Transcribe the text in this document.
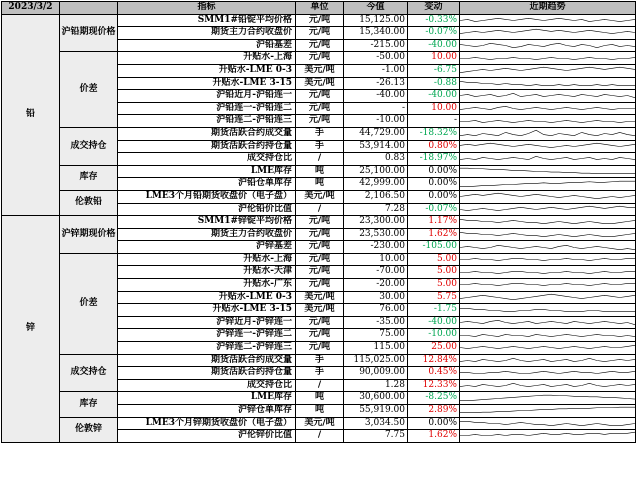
2023/3/2		指标	单位	今值	变动	近期趋势
铅	沪铅期现价格	SMM1#铅锭平均价格	元/吨	15,125.00	-0.33%	

		期货主力合约收盘价	元/吨	15,340.00	-0.07%	

		沪铅基差	元/吨	-215.00	-40.00	

	价差	升贴水-上海	元/吨	-50.00	10.00	

		升贴水-LME 0-3	美元/吨	-1.00	-6.75	

		升贴水-LME 3-15	美元/吨	-26.13	-0.88	

		沪铅近月-沪铅连一	元/吨	-40.00	-40.00	

		沪铅连一-沪铅连二	元/吨	-	10.00	

		沪铅连二-沪铅连三	元/吨	-10.00	-	

	成交持仓	期货活跃合约成交量	手	44,729.00	-18.32%	

		期货活跃合约持仓量	手	53,914.00	0.80%	

		成交持仓比	/	0.83	-18.97%	

	库存	LME库存	吨	25,100.00	0.00%	

		沪铅仓单库存	吨	42,999.00	0.00%	

	伦敦铅	LME3个月铅期货收盘价（电子盘）	美元/吨	2,106.50	0.00%	

		沪伦铅价比值	/	7.28	-0.07%	

锌	沪锌期现价格	SMM1#锌锭平均价格	元/吨	23,300.00	1.17%	

		期货主力合约收盘价	元/吨	23,530.00	1.62%	

		沪锌基差	元/吨	-230.00	-105.00	

	价差	升贴水-上海	元/吨	10.00	5.00	

		升贴水-天津	元/吨	-70.00	5.00	

		升贴水-广东	元/吨	-20.00	5.00	

		升贴水-LME 0-3	美元/吨	30.00	5.75	

		升贴水-LME 3-15	美元/吨	76.00	-1.75	

		沪锌近月-沪锌连一	元/吨	-35.00	-40.00	

		沪锌连一-沪锌连二	元/吨	75.00	-10.00	

		沪锌连二-沪锌连三	元/吨	115.00	25.00	

	成交持仓	期货活跃合约成交量	手	115,025.00	12.84%	

		期货活跃合约持仓量	手	90,009.00	0.45%	

		成交持仓比	/	1.28	12.33%	

	库存	LME库存	吨	30,600.00	-8.25%	

		沪锌仓单库存	吨	55,919.00	2.89%	

	伦敦锌	LME3个月锌期货收盘价（电子盘）	美元/吨	3,034.50	0.00%	

		沪伦锌价比值	/	7.75	1.62%	
